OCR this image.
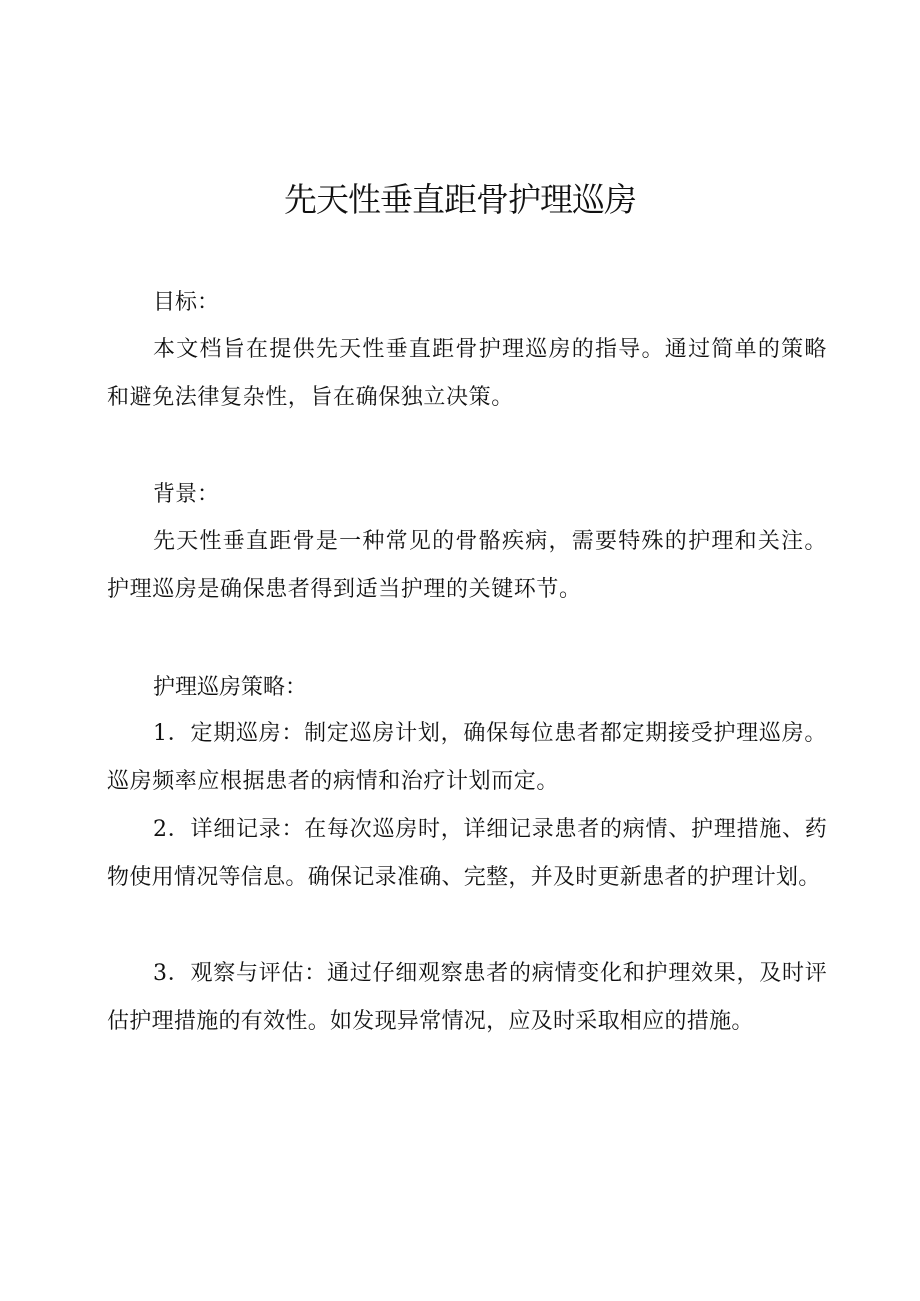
先天性垂直距骨护理巡房
目标：

本文档旨在提供先天性垂直距骨护理巡房的指导。通过简单的策略和避免法律复杂性，旨在确保独立决策。

背景：

先天性垂直距骨是一种常见的骨骼疾病，需要特殊的护理和关注。护理巡房是确保患者得到适当护理的关键环节。

护理巡房策略：

1．定期巡房：制定巡房计划，确保每位患者都定期接受护理巡房。巡房频率应根据患者的病情和治疗计划而定。

2．详细记录：在每次巡房时，详细记录患者的病情、护理措施、药物使用情况等信息。确保记录准确、完整，并及时更新患者的护理计划。

3．观察与评估：通过仔细观察患者的病情变化和护理效果，及时评估护理措施的有效性。如发现异常情况，应及时采取相应的措施。
